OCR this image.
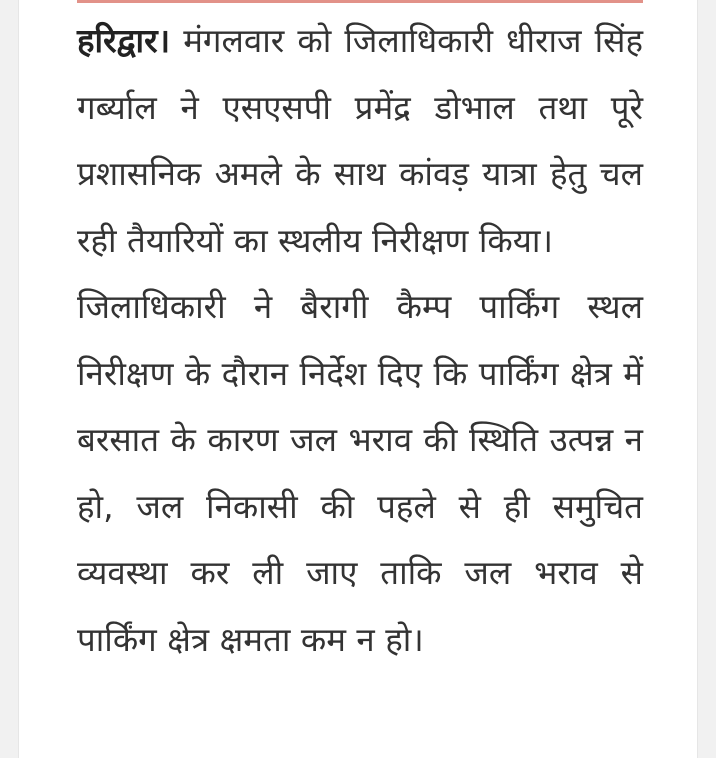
हरिद्वार। मंगलवार को जिलाधिकारी धीराज सिंह गर्ब्याल ने एसएसपी प्रमेंद्र डोभाल तथा पूरे प्रशासनिक अमले के साथ कांवड़ यात्रा हेतु चल रही तैयारियों का स्थलीय निरीक्षण किया।

जिलाधिकारी ने बैरागी कैम्प पार्किंग स्थल निरीक्षण के दौरान निर्देश दिए कि पार्किंग क्षेत्र में बरसात के कारण जल भराव की स्थिति उत्पन्न न हो, जल निकासी की पहले से ही समुचित व्यवस्था कर ली जाए ताकि जल भराव से पार्किंग क्षेत्र क्षमता कम न हो।
